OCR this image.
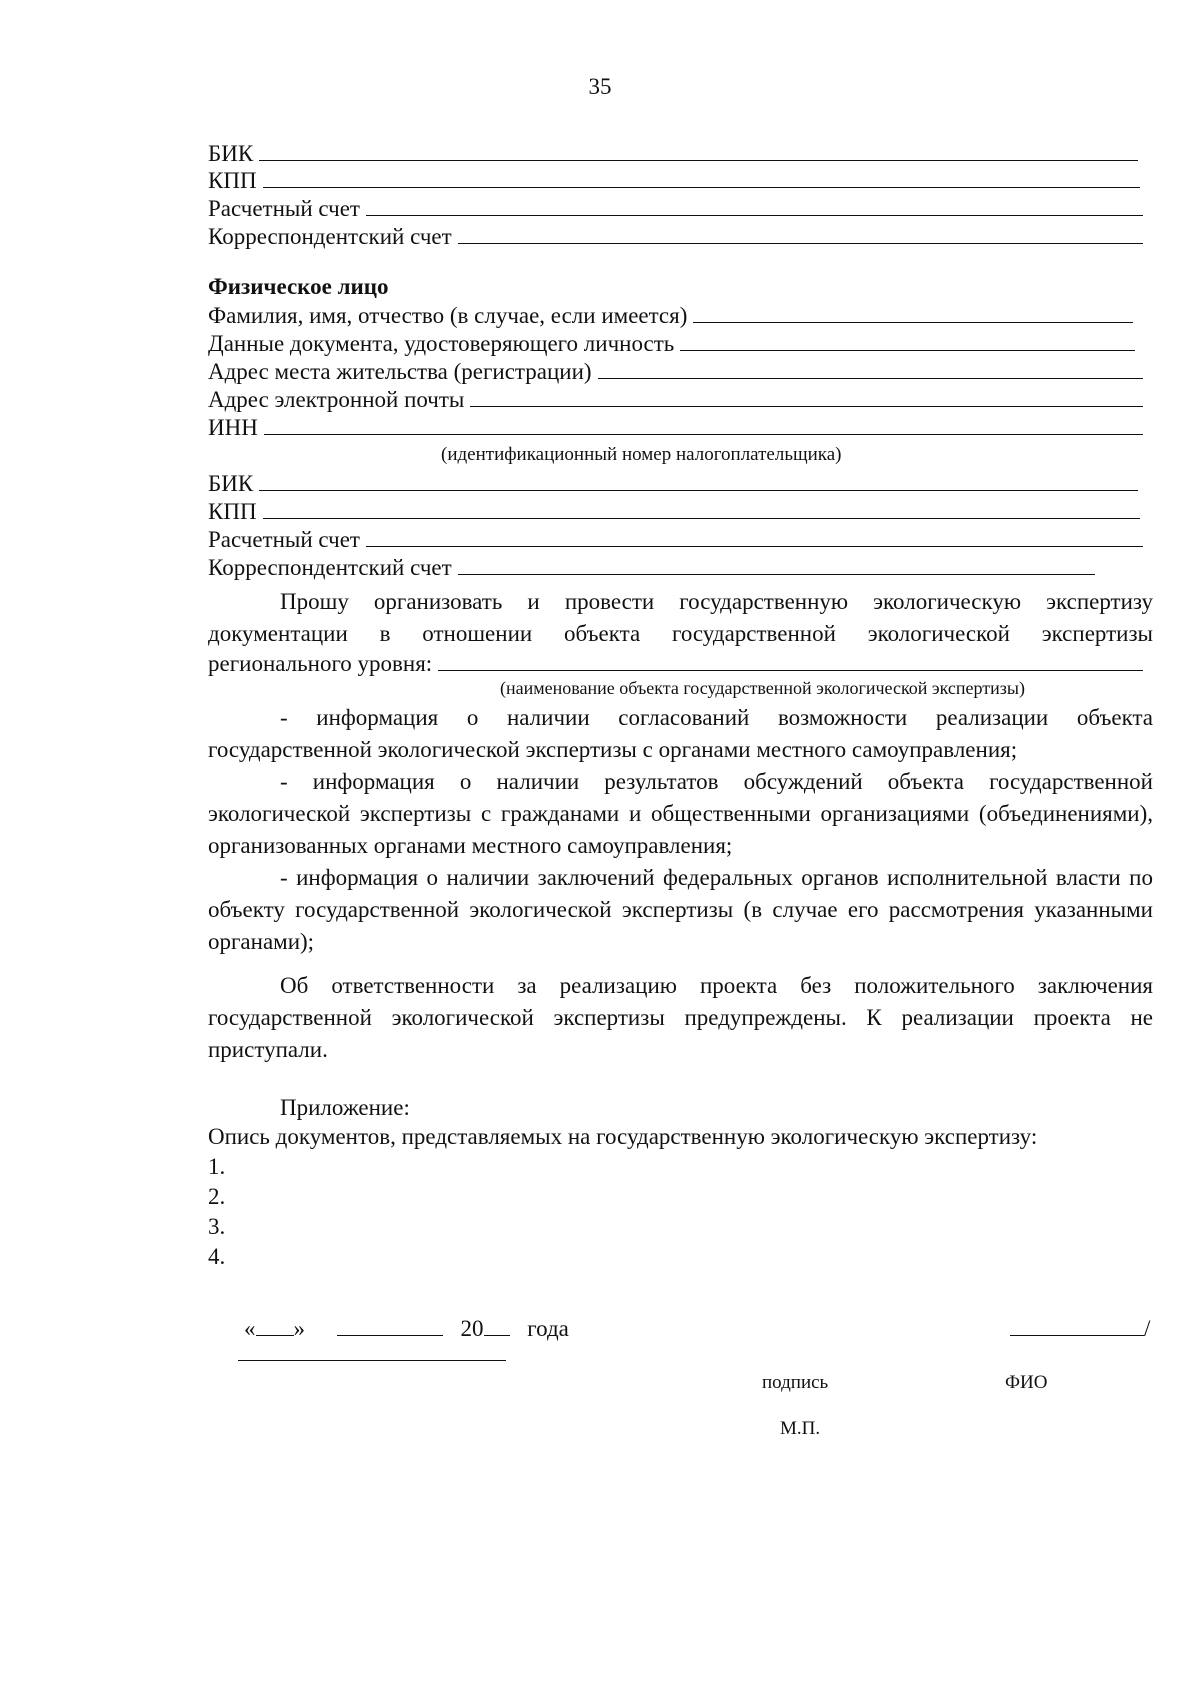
35
БИК
КПП
Расчетный счет
Корреспондентский счет
Физическое лицо
Фамилия, имя, отчество (в случае, если имеется)
Данные документа, удостоверяющего личность
Адрес места жительства (регистрации)
Адрес электронной почты
ИНН
(идентификационный номер налогоплательщика)
БИК
КПП
Расчетный счет
Корреспондентский счет
Прошу организовать и провести государственную экологическую экспертизу документации в отношении объекта государственной экологической экспертизы
регионального уровня:
(наименование объекта государственной экологической экспертизы)
- информация о наличии согласований возможности реализации объекта государственной экологической экспертизы с органами местного самоуправления;
- информация о наличии результатов обсуждений объекта государственной экологической экспертизы с гражданами и общественными организациями (объединениями), организованных органами местного самоуправления;
- информация о наличии заключений федеральных органов исполнительной власти по объекту государственной экологической экспертизы (в случае его рассмотрения указанными органами);
Об ответственности за реализацию проекта без положительного заключения государственной экологической экспертизы предупреждены. К реализации проекта не приступали.
Приложение:
Опись документов, представляемых на государственную экологическую экспертизу:
1.
2.
3.
4.
« »	20 года	/
подпись	ФИО
М.П.
